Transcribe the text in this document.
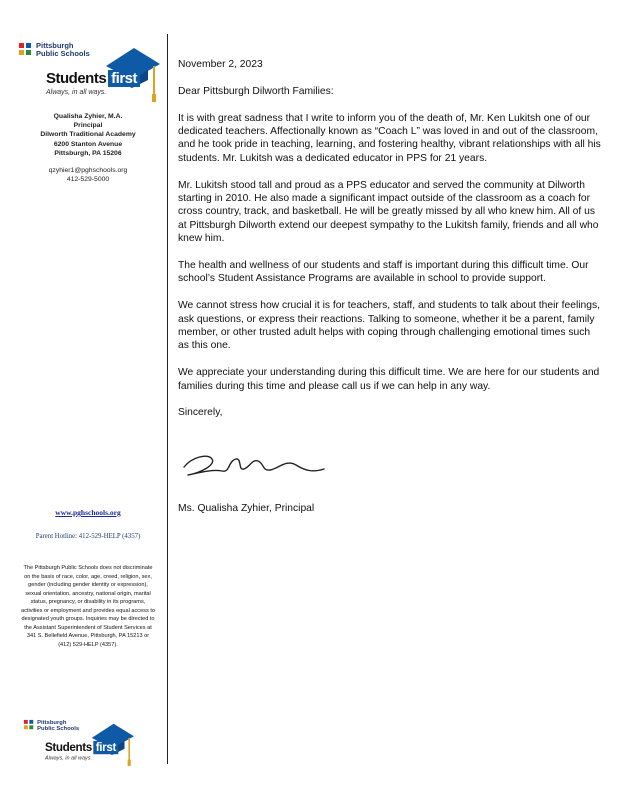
Pittsburgh
Public Schools
Students first
Always, in all ways.
Qualisha Zyhier, M.A.
Principal
Dilworth Traditional Academy
6200 Stanton Avenue
Pittsburgh, PA 15206
qzyhier1@pghschools.org
412-529-5000
www.pghschools.org
Parent Hotline: 412-529-HELP (4357)
The Pittsburgh Public Schools does not discriminate on the basis of race, color, age, creed, religion, sex, gender (including gender identity or expression), sexual orientation, ancestry, national origin, marital status, pregnancy, or disability in its programs, activities or employment and provides equal access to designated youth groups. Inquiries may be directed to the Assistant Superintendent of Student Services at 341 S. Bellefield Avenue, Pittsburgh, PA 15213 or (412) 529-HELP (4357).
Pittsburgh
Public Schools
Students first
Always, in all ways.

November 2, 2023

Dear Pittsburgh Dilworth Families:

It is with great sadness that I write to inform you of the death of, Mr. Ken Lukitsh one of our dedicated teachers. Affectionally known as “Coach L” was loved in and out of the classroom, and he took pride in teaching, learning, and fostering healthy, vibrant relationships with all his students. Mr. Lukitsh was a dedicated educator in PPS for 21 years.

Mr. Lukitsh stood tall and proud as a PPS educator and served the community at Dilworth starting in 2010. He also made a significant impact outside of the classroom as a coach for cross country, track, and basketball. He will be greatly missed by all who knew him. All of us at Pittsburgh Dilworth extend our deepest sympathy to the Lukitsh family, friends and all who knew him.

The health and wellness of our students and staff is important during this difficult time. Our school’s Student Assistance Programs are available in school to provide support.

We cannot stress how crucial it is for teachers, staff, and students to talk about their feelings, ask questions, or express their reactions. Talking to someone, whether it be a parent, family member, or other trusted adult helps with coping through challenging emotional times such as this one.

We appreciate your understanding during this difficult time. We are here for our students and families during this time and please call us if we can help in any way.

Sincerely,

Ms. Qualisha Zyhier, Principal
